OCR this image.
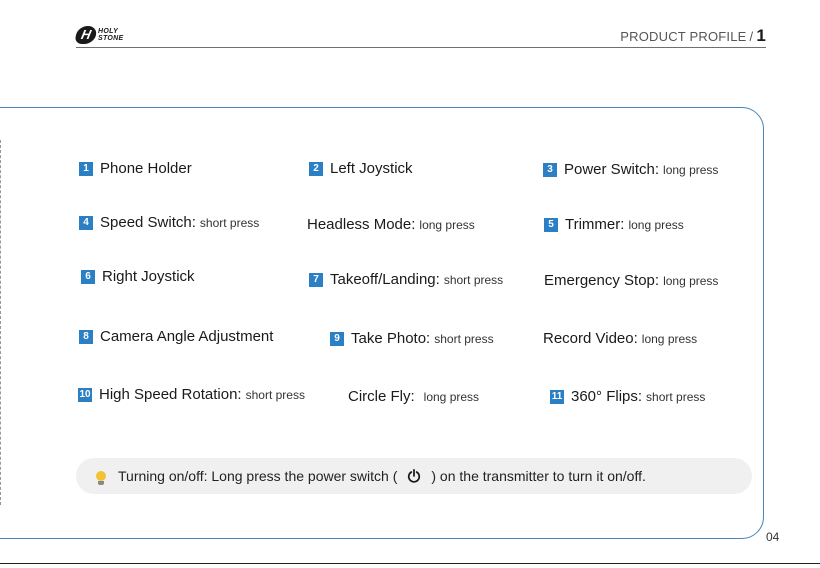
H HOLY
STONE	PRODUCT PROFILE / 1
1 Phone Holder	2 Left Joystick	3 Power Switch: long press
4 Speed Switch: short press	Headless Mode: long press	5 Trimmer: long press
6 Right Joystick	7 Takeoff/Landing: short press	Emergency Stop: long press
8 Camera Angle Adjustment	9 Take Photo: short press	Record Video: long press
10 High Speed Rotation: short press	Circle Fly: long press	11 360° Flips: short press
Turning on/off: Long press the power switch ( ) on the transmitter to turn it on/off.
04
